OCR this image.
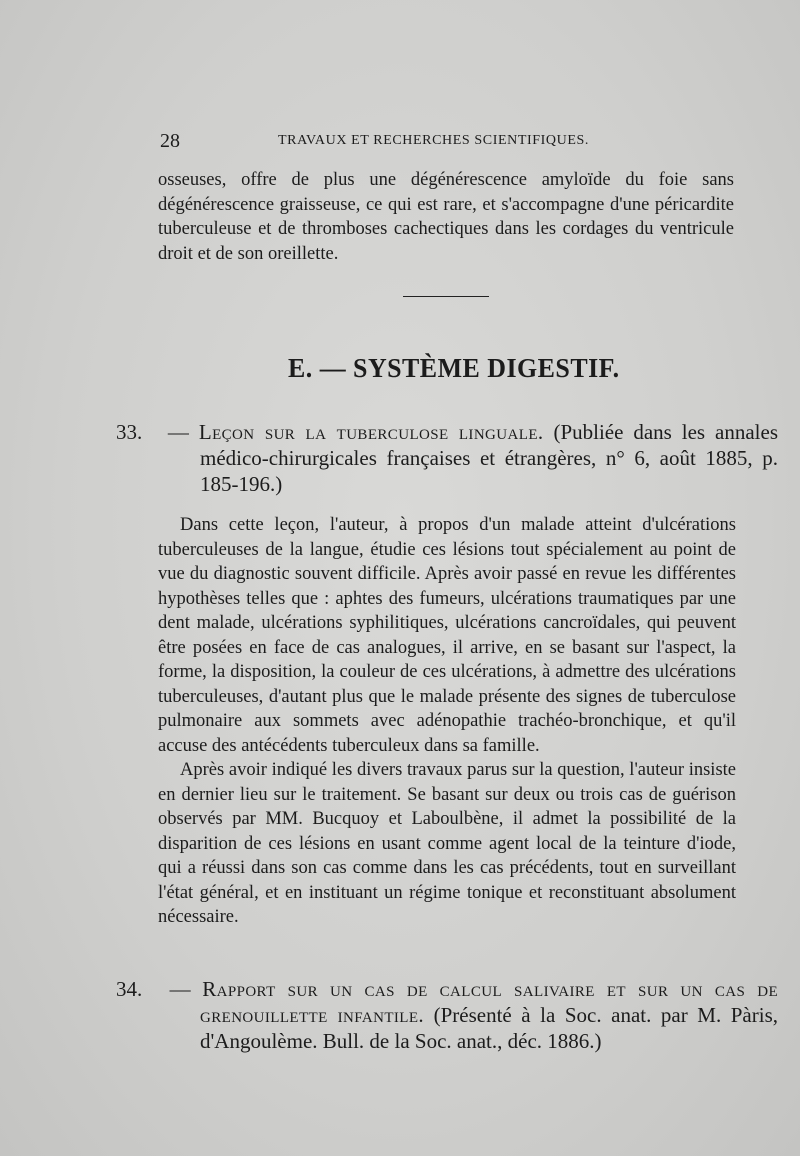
28	TRAVAUX ET RECHERCHES SCIENTIFIQUES.
osseuses, offre de plus une dégénérescence amyloïde du foie sans dégénérescence graisseuse, ce qui est rare, et s'accompagne d'une péricardite tuberculeuse et de thromboses cachectiques dans les cordages du ventricule droit et de son oreillette.
E. — SYSTÈME DIGESTIF.
33. — Leçon sur la tuberculose linguale. (Publiée dans les annales médico-chirurgicales françaises et étrangères, n° 6, août 1885, p. 185-196.)

Dans cette leçon, l'auteur, à propos d'un malade atteint d'ulcérations tuberculeuses de la langue, étudie ces lésions tout spécialement au point de vue du diagnostic souvent difficile. Après avoir passé en revue les différentes hypothèses telles que : aphtes des fumeurs, ulcérations traumatiques par une dent malade, ulcérations syphilitiques, ulcérations cancroïdales, qui peuvent être posées en face de cas analogues, il arrive, en se basant sur l'aspect, la forme, la disposition, la couleur de ces ulcérations, à admettre des ulcérations tuberculeuses, d'autant plus que le malade présente des signes de tuberculose pulmonaire aux sommets avec adénopathie trachéo-bronchique, et qu'il accuse des antécédents tuberculeux dans sa famille.

Après avoir indiqué les divers travaux parus sur la question, l'auteur insiste en dernier lieu sur le traitement. Se basant sur deux ou trois cas de guérison observés par MM. Bucquoy et Laboulbène, il admet la possibilité de la disparition de ces lésions en usant comme agent local de la teinture d'iode, qui a réussi dans son cas comme dans les cas précédents, tout en surveillant l'état général, et en instituant un régime tonique et reconstituant absolument nécessaire.

34. — Rapport sur un cas de calcul salivaire et sur un cas de grenouillette infantile. (Présenté à la Soc. anat. par M. Pàris, d'Angoulème. Bull. de la Soc. anat., déc. 1886.)
